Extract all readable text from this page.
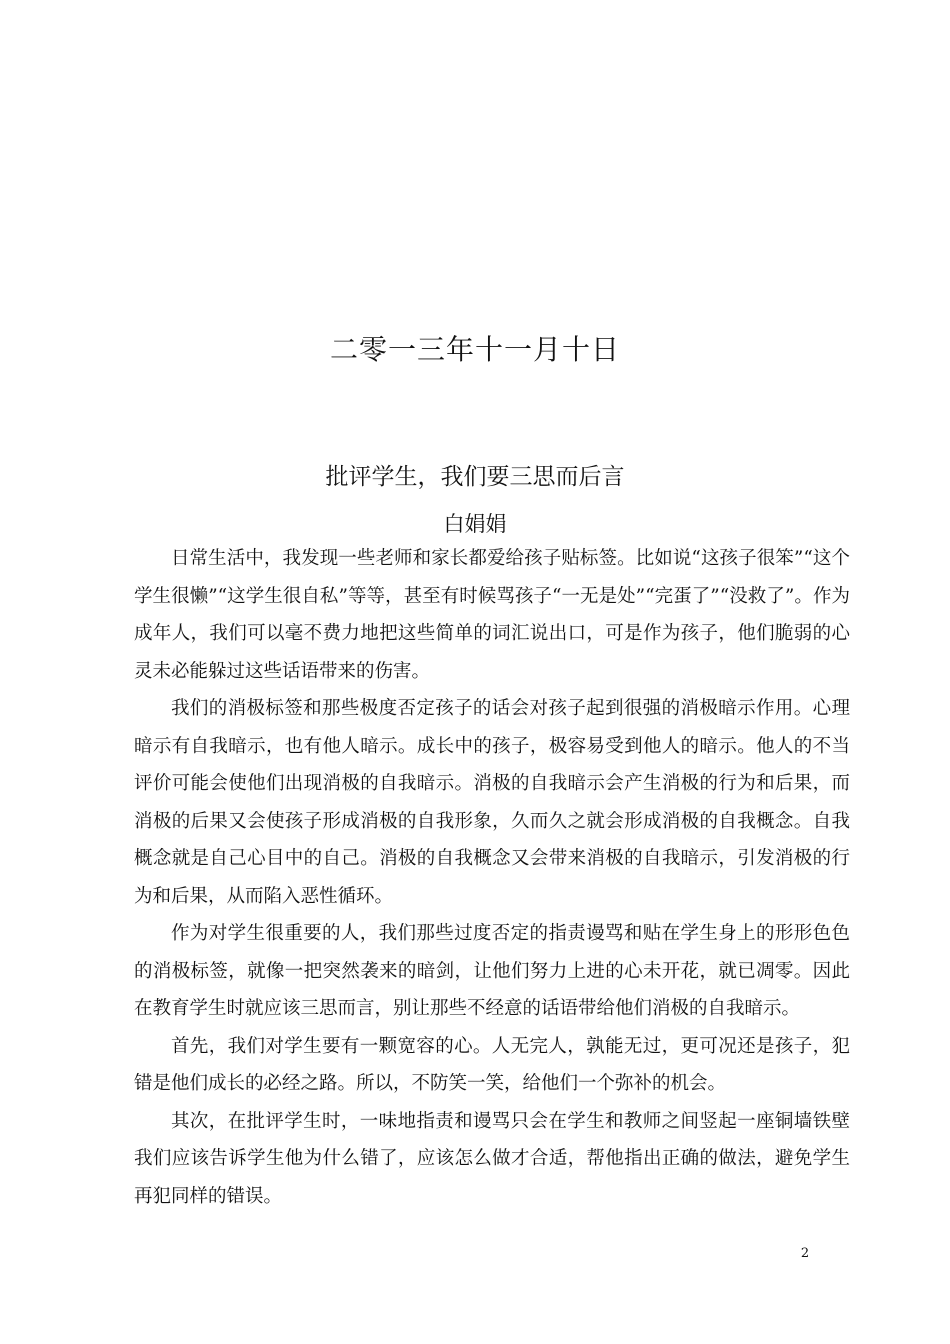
二零一三年十一月十日
批评学生，我们要三思而后言
白娟娟

日常生活中，我发现一些老师和家长都爱给孩子贴标签。比如说“这孩子很笨”“这个学生很懒”“这学生很自私”等等，甚至有时候骂孩子“一无是处”“完蛋了”“没救了”。作为成年人，我们可以毫不费力地把这些简单的词汇说出口，可是作为孩子，他们脆弱的心灵未必能躲过这些话语带来的伤害。

我们的消极标签和那些极度否定孩子的话会对孩子起到很强的消极暗示作用。心理暗示有自我暗示，也有他人暗示。成长中的孩子，极容易受到他人的暗示。他人的不当评价可能会使他们出现消极的自我暗示。消极的自我暗示会产生消极的行为和后果，而消极的后果又会使孩子形成消极的自我形象，久而久之就会形成消极的自我概念。自我概念就是自己心目中的自己。消极的自我概念又会带来消极的自我暗示，引发消极的行为和后果，从而陷入恶性循环。

作为对学生很重要的人，我们那些过度否定的指责谩骂和贴在学生身上的形形色色的消极标签，就像一把突然袭来的暗剑，让他们努力上进的心未开花，就已凋零。因此在教育学生时就应该三思而言，别让那些不经意的话语带给他们消极的自我暗示。

首先，我们对学生要有一颗宽容的心。人无完人，孰能无过，更可况还是孩子，犯错是他们成长的必经之路。所以，不防笑一笑，给他们一个弥补的机会。

其次，在批评学生时，一味地指责和谩骂只会在学生和教师之间竖起一座铜墙铁壁我们应该告诉学生他为什么错了，应该怎么做才合适，帮他指出正确的做法，避免学生再犯同样的错误。

2
